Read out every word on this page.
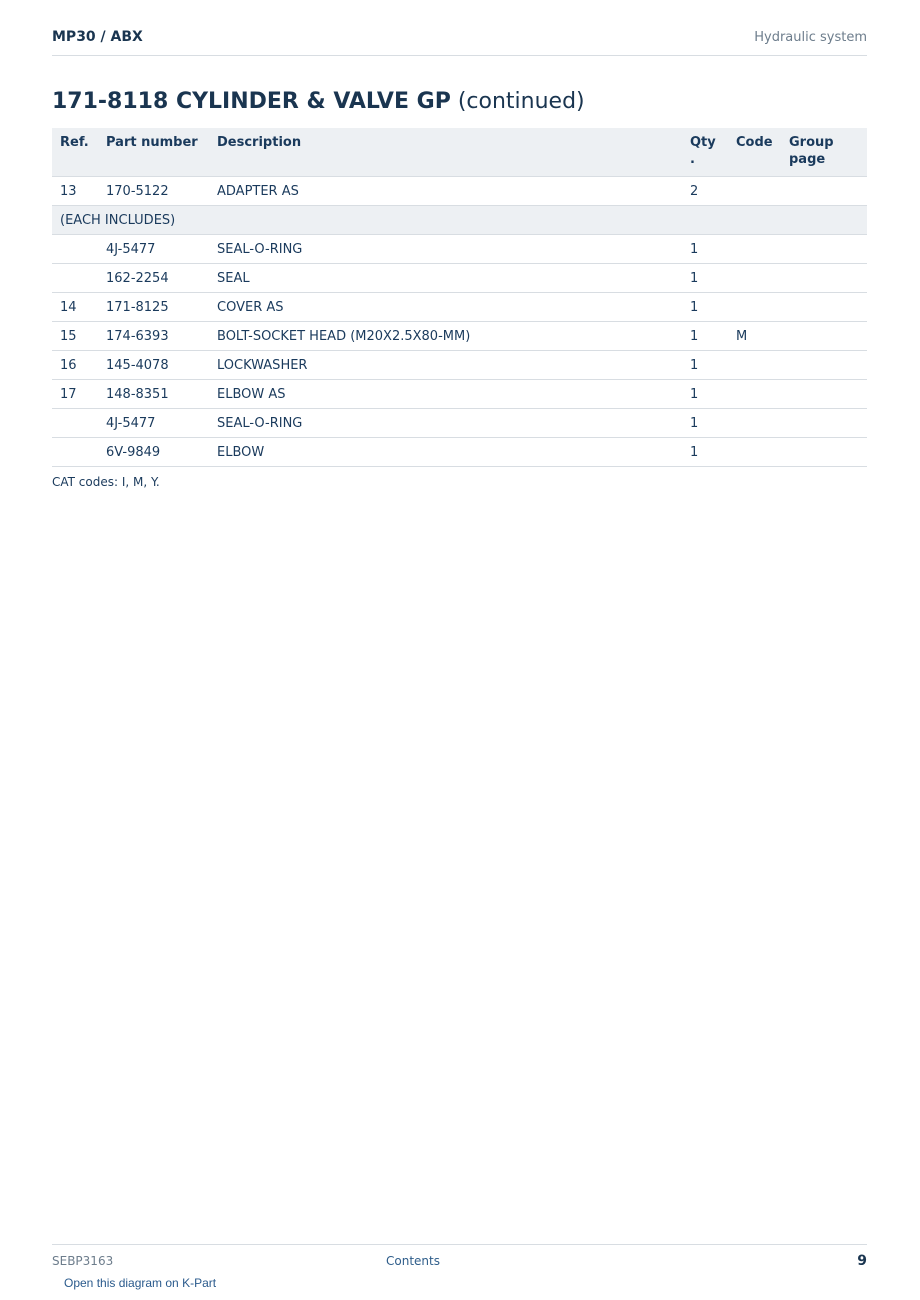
MP30 / ABX	Hydraulic system
171-8118 CYLINDER & VALVE GP (continued)
Ref.	Part number	Description	Qty .	Code	Group page
13	170-5122	ADAPTER AS	2		
(EACH INCLUDES)					
	4J-5477	SEAL-O-RING	1		
	162-2254	SEAL	1		
14	171-8125	COVER AS	1		
15	174-6393	BOLT-SOCKET HEAD (M20X2.5X80-MM)	1	M	
16	145-4078	LOCKWASHER	1		
17	148-8351	ELBOW AS	1		
	4J-5477	SEAL-O-RING	1		
	6V-9849	ELBOW	1		
CAT codes: I, M, Y.
SEBP3163	Contents	9
Open this diagram on K-Part
